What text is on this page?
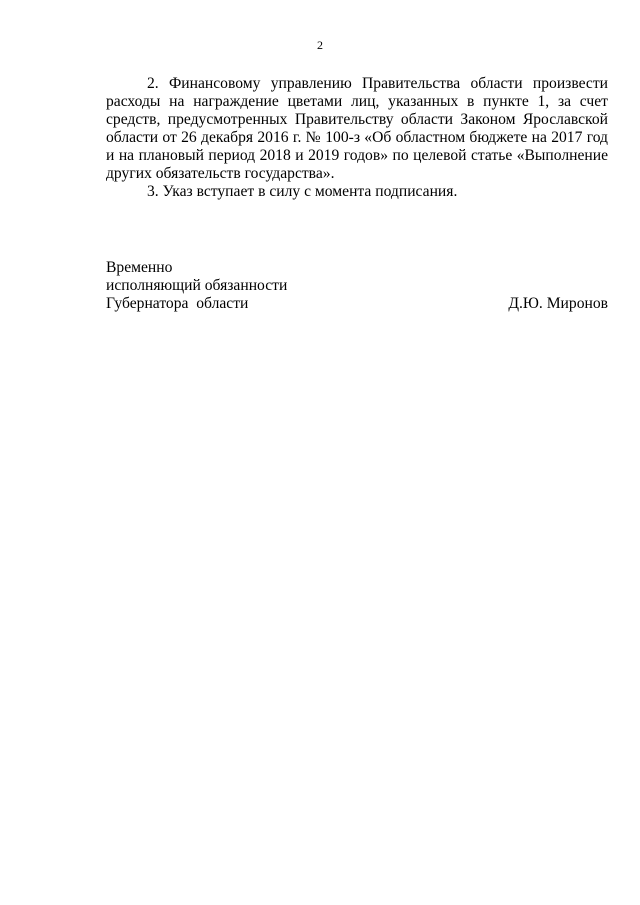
2

2. Финансовому управлению Правительства области произвести расходы на награждение цветами лиц, указанных в пункте 1, за счет средств, предусмотренных Правительству области Законом Ярославской области от 26 декабря 2016 г. № 100-з «Об областном бюджете на 2017 год и на плановый период 2018 и 2019 годов» по целевой статье «Выполнение других обязательств государства».

3. Указ вступает в силу с момента подписания.

Временно
исполняющий обязанности
Губернатора  области	Д.Ю. Миронов
